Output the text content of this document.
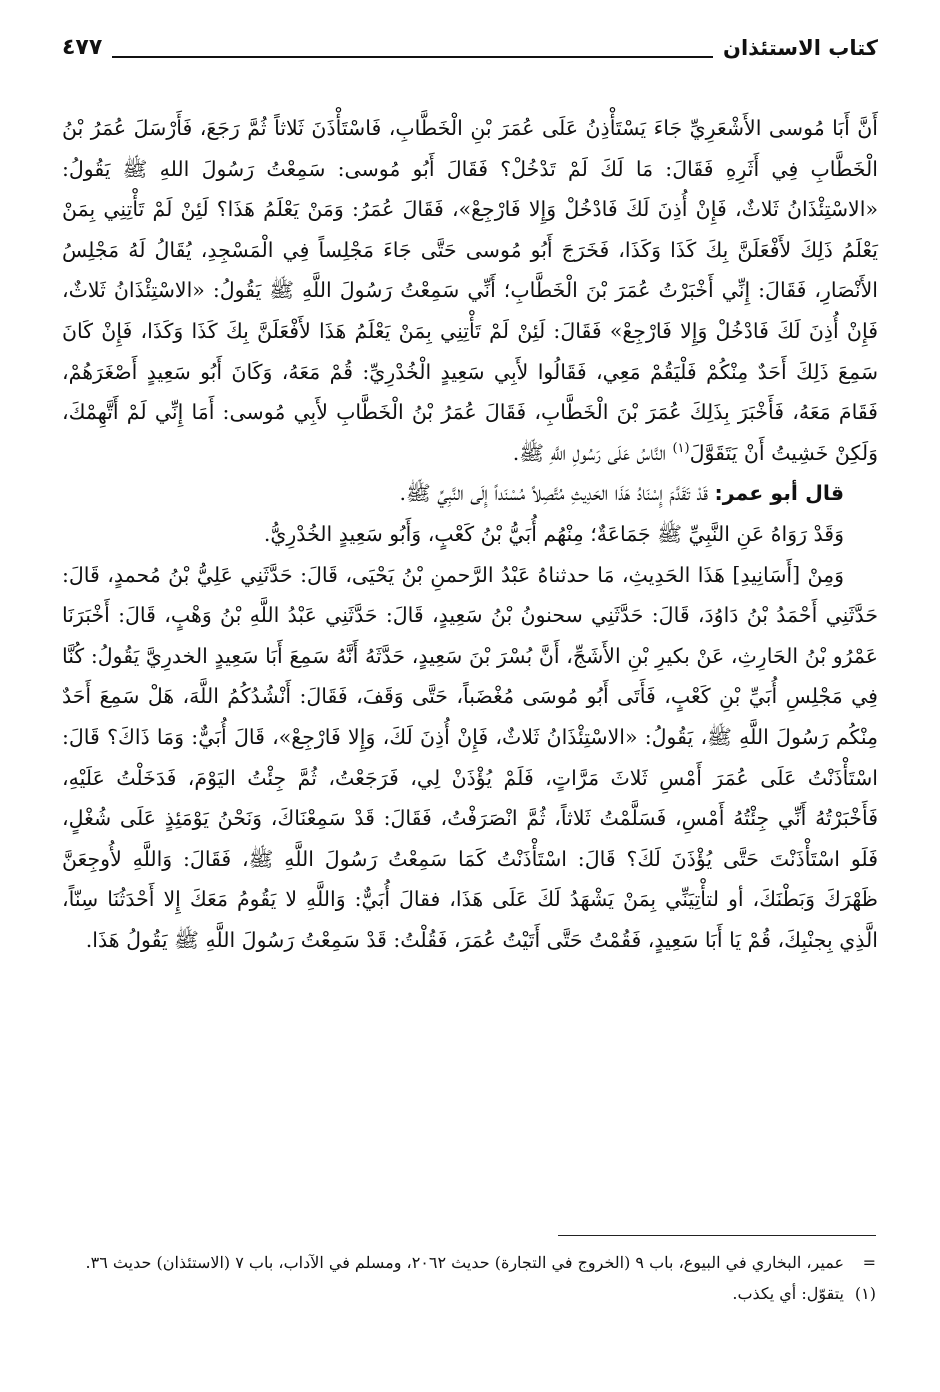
كتاب الاستئذان
٤٧٧

أَنَّ أَبَا مُوسى الأَشْعَرِيِّ جَاءَ يَسْتَأْذِنُ عَلَى عُمَرَ بْنِ الْخَطَّابِ، فَاسْتَأْذَنَ ثَلاثاً ثُمَّ رَجَعَ، فَأَرْسَلَ عُمَرُ بْنُ الْخَطَّابِ فِي أَثَرِهِ فَقَالَ: مَا لَكَ لَمْ تَدْخُلْ؟ فَقَالَ أَبُو مُوسى: سَمِعْتُ رَسُولَ اللهِ ﷺ يَقُولُ: «الاسْتِئْذَانُ ثَلاثٌ، فَإِنْ أُذِنَ لَكَ فَادْخُلْ وَإِلا فَارْجِعْ»، فَقَالَ عُمَرُ: وَمَنْ يَعْلَمُ هَذَا؟ لَئِنْ لَمْ تَأْتِنِي بِمَنْ يَعْلَمُ ذَلِكَ لأَفْعَلَنَّ بِكَ كَذَا وَكَذَا، فَخَرَجَ أَبُو مُوسى حَتَّى جَاءَ مَجْلِساً فِي الْمَسْجِدِ، يُقَالُ لَهُ مَجْلِسُ الأَنْصَارِ، فَقَالَ: إِنِّي أَخْبَرْتُ عُمَرَ بْنَ الْخَطَّابِ؛ أَنِّي سَمِعْتُ رَسُولَ اللَّهِ ﷺ يَقُولُ: «الاسْتِئْذَانُ ثَلاثٌ، فَإِنْ أُذِنَ لَكَ فَادْخُلْ وَإِلا فَارْجِعْ» فَقَالَ: لَئِنْ لَمْ تَأْتِنِي بِمَنْ يَعْلَمُ هَذَا لأَفْعَلَنَّ بِكَ كَذَا وَكَذَا، فَإِنْ كَانَ سَمِعَ ذَلِكَ أَحَدٌ مِنْكُمْ فَلْيَقُمْ مَعِي، فَقَالُوا لأَبِي سَعِيدٍ الْخُدْرِيِّ: قُمْ مَعَهُ، وَكَانَ أَبُو سَعِيدٍ أَصْغَرَهُمْ، فَقَامَ مَعَهُ، فَأَخْبَرَ بِذَلِكَ عُمَرَ بْنَ الْخَطَّابِ، فَقَالَ عُمَرُ بْنُ الْخَطَّابِ لأَبِي مُوسى: أَمَا إِنِّي لَمْ أَتَّهِمْكَ، وَلَكِنْ خَشِيتُ أَنْ يَتَقَوَّلَ$^{(١)}$ النَّاسُ عَلَى رَسُولِ اللَّهِ ﷺ.

قال أبو عمر: قَدْ تَقَدَّمَ إِسْنَادُ هَذَا الحَدِيثِ مُتَّصِلاً مُسْنَداً إِلَى النَّبِيِّ ﷺ.

وَقَدْ رَوَاهُ عَنِ النَّبِيِّ ﷺ جَمَاعَةٌ؛ مِنْهُم أُبَيُّ بْنُ كَعْبٍ، وَأَبُو سَعِيدٍ الخُدْرِيُّ.

وَمِنْ [أَسَانِيدِ] هَذَا الحَدِيثِ، مَا حدثناهُ عَبْدُ الرَّحمنِ بْنُ يَحْيَى، قَالَ: حَدَّثَنِي عَلِيُّ بْنُ مُحمدٍ، قَالَ: حَدَّثَنِي أَحْمَدُ بْنُ دَاوُدَ، قَالَ: حَدَّثَنِي سحنونُ بْنُ سَعِيدٍ، قَالَ: حَدَّثَنِي عَبْدُ اللَّهِ بْنُ وَهْبٍ، قَالَ: أَخْبَرَنَا عَمْرُو بْنُ الحَارِثِ، عَنْ بكيرِ بْنِ الأَشَجِّ، أَنَّ بُسْرَ بْنَ سَعِيدٍ، حَدَّثَهُ أَنَّهُ سَمِعَ أَبَا سَعِيدٍ الخدرِيَّ يَقُولُ: كُنَّا فِي مَجْلِسِ أُبَيِّ بْنِ كَعْبٍ، فَأَتَى أَبُو مُوسَى مُغْضَباً، حَتَّى وَقَفَ، فَقَالَ: أَنْشُدُكُمُ اللَّهَ، هَلْ سَمِعَ أَحَدٌ مِنْكُم رَسُولَ اللَّهِ ﷺ، يَقُولُ: «الاسْتِئْذَانُ ثَلاثٌ، فَإِنْ أُذِنَ لَكَ، وَإِلا فَارْجِعْ»، قَالَ أُبَيٌّ: وَمَا ذَاكَ؟ قَالَ: اسْتَأْذَنْتُ عَلَى عُمَرَ أَمْسِ ثَلاثَ مَرَّاتٍ، فَلَمْ يُؤْذَنْ لِي، فَرَجَعْتُ، ثُمَّ جِئْتُ اليَوْمَ، فَدَخَلْتُ عَلَيْهِ، فَأَخْبَرْتُهُ أَنِّي جِئْتُهُ أَمْسِ، فَسَلَّمْتُ ثَلاثاً، ثُمَّ انْصَرَفْتُ، فَقَالَ: قَدْ سَمِعْنَاكَ، وَنَحْنُ يَوْمَئِذٍ عَلَى شُغْلٍ، فَلَو اسْتَأْذَنْتَ حَتَّى يُؤْذَنَ لَكَ؟ قَالَ: اسْتَأْذَنْتُ كَمَا سَمِعْتُ رَسُولَ اللَّهِ ﷺ، فَقَالَ: وَاللَّهِ لأُوجِعَنَّ ظَهْرَكَ وَبَطْنَكَ، أو لتأْتِيَنِّي بِمَنْ يَشْهَدُ لَكَ عَلَى هَذَا، فقالَ أُبَيٌّ: وَاللَّهِ لا يَقُومُ مَعَكَ إِلا أَحْدَثُنَا سِنّاً، الَّذِي بِجنْبِكَ، قُمْ يَا أَبَا سَعِيدٍ، فَقُمْتُ حَتَّى أَتَيْتُ عُمَرَ، فَقُلْتُ: قَدْ سَمِعْتُ رَسُولَ اللَّهِ ﷺ يَقُولُ هَذَا.

=
عمير، البخاري في البيوع، باب ٩ (الخروج في التجارة) حديث ٢٠٦٢، ومسلم في الآداب، باب ٧ (الاستئذان) حديث ٣٦.

(١)
يتقوّل: أي يكذب.
